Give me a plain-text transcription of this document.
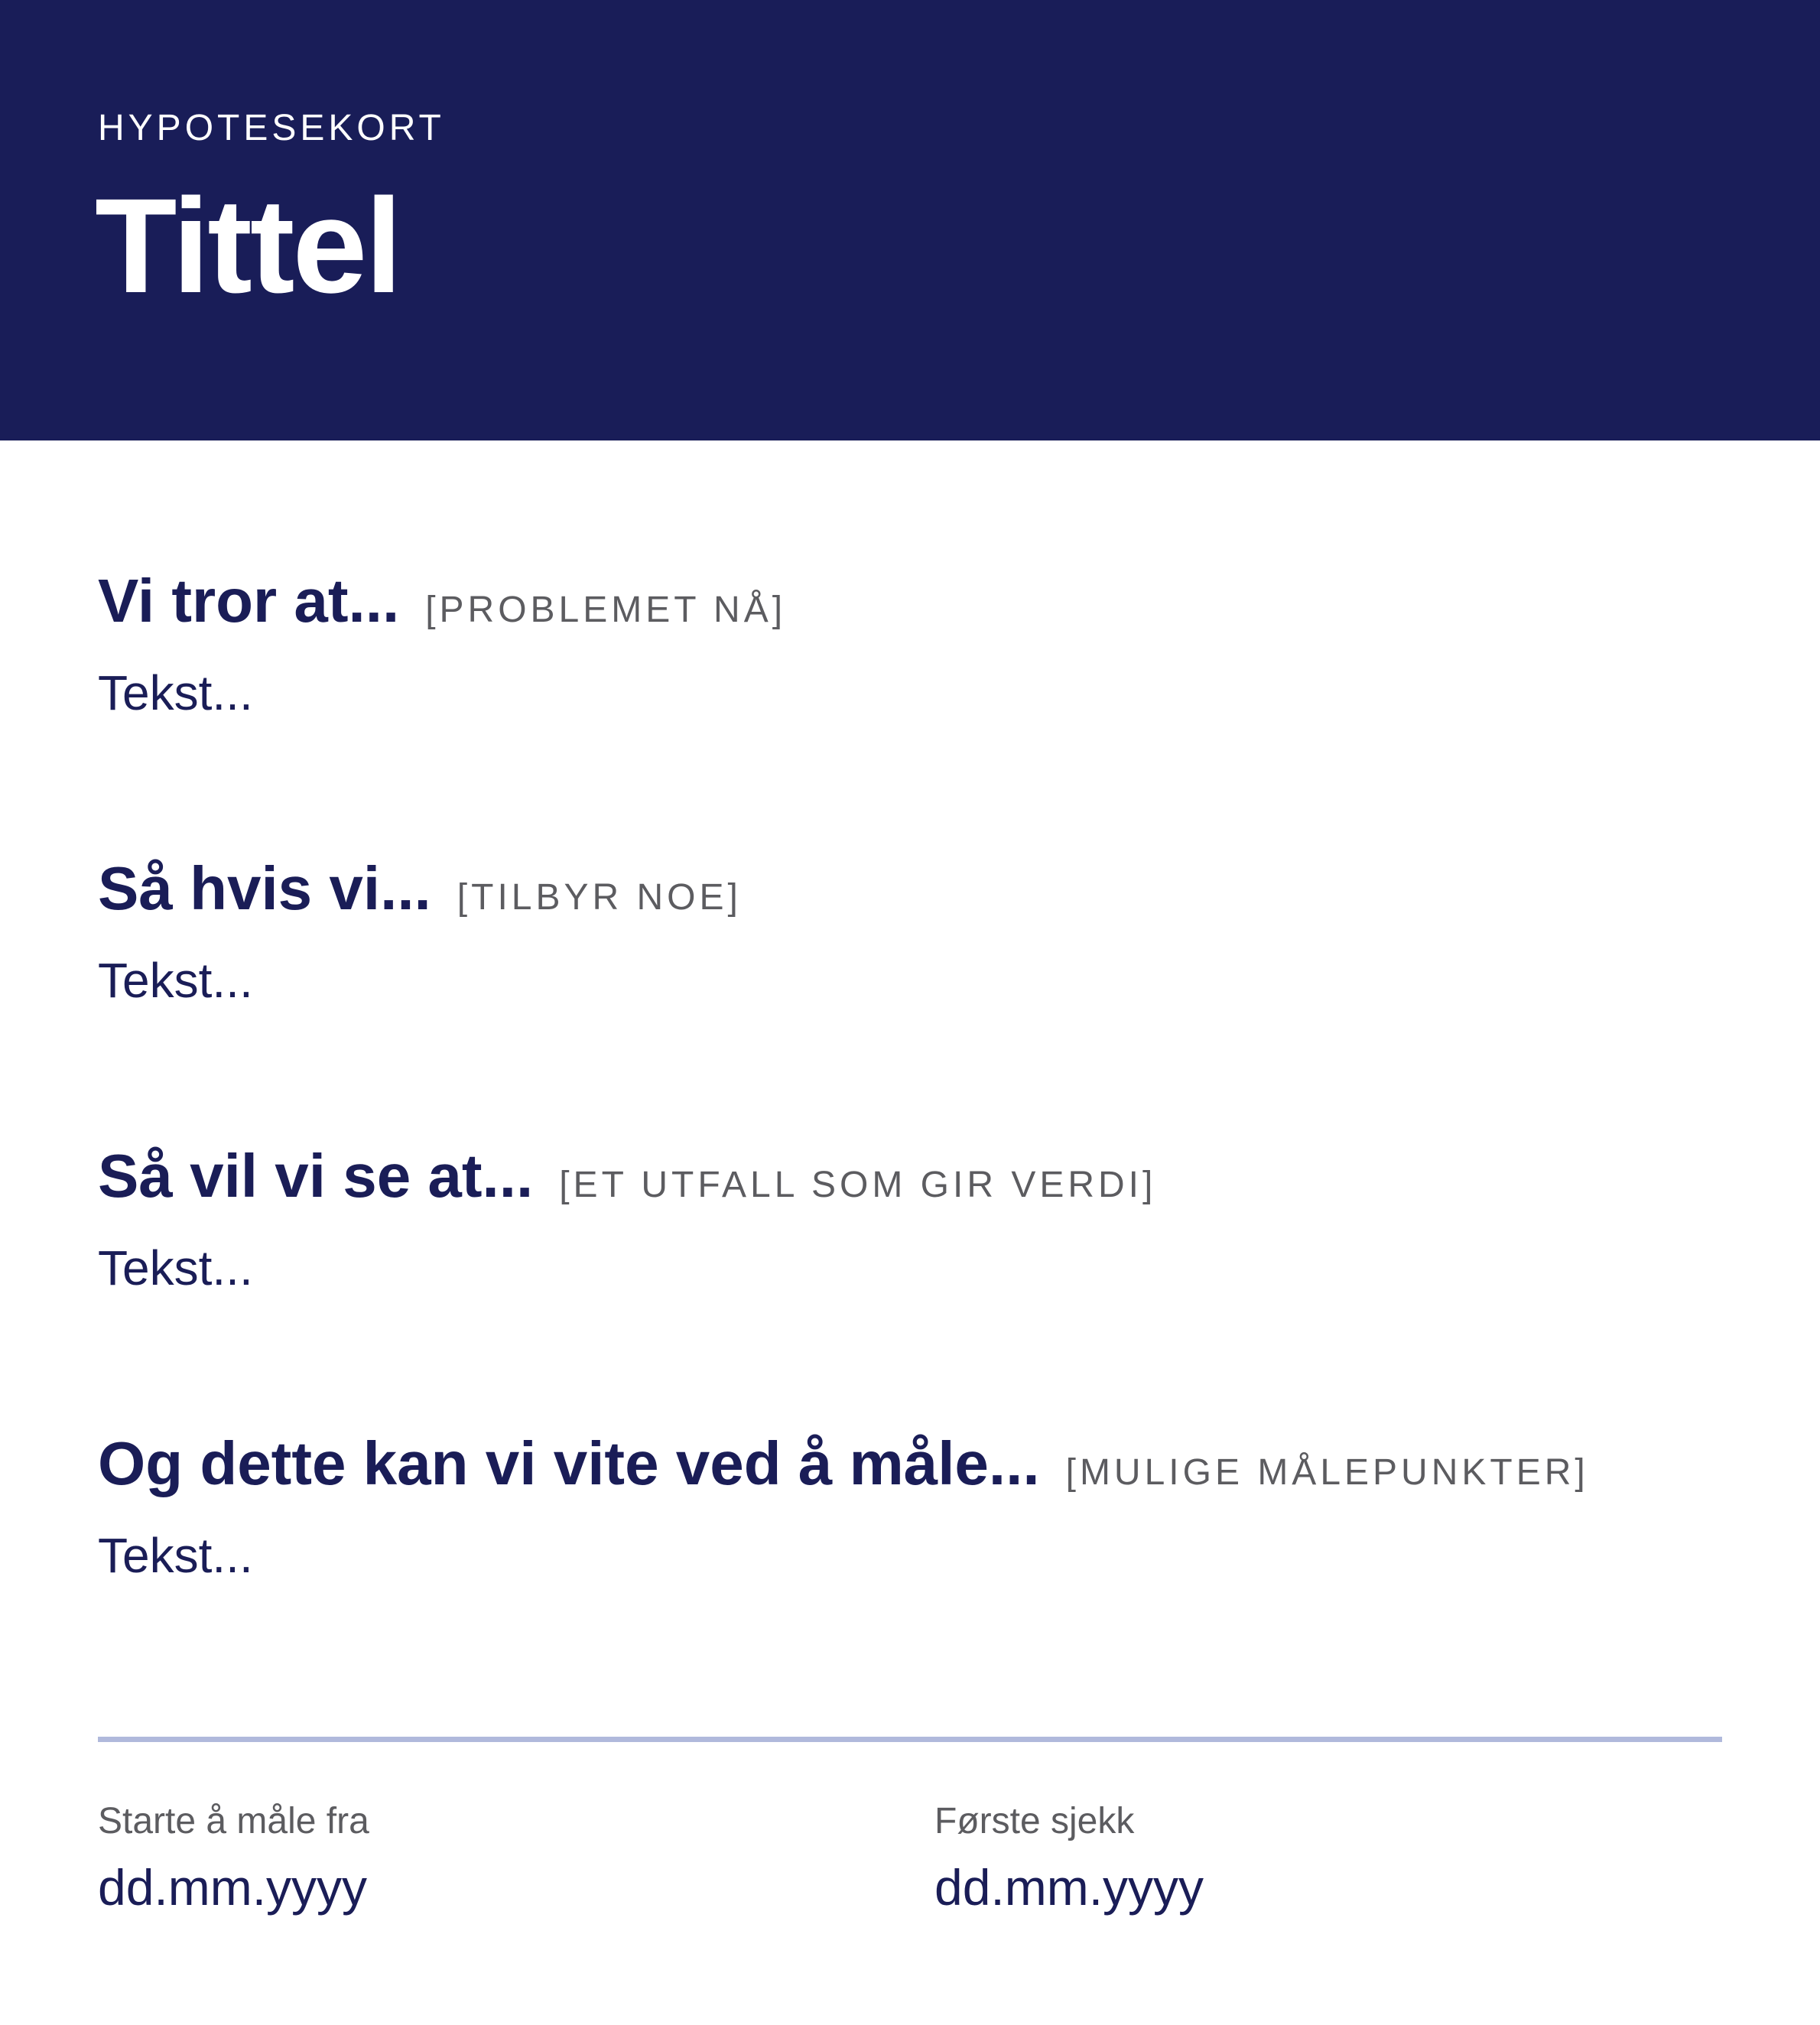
HYPOTESEKORT
Tittel
Vi tror at... [PROBLEMET NÅ]
Tekst...
Så hvis vi... [TILBYR NOE]
Tekst...
Så vil vi se at... [ET UTFALL SOM GIR VERDI]
Tekst...
Og dette kan vi vite ved å måle... [MULIGE MÅLEPUNKTER]
Tekst...
Starte å måle fra
dd.mm.yyyy
Første sjekk
dd.mm.yyyy
